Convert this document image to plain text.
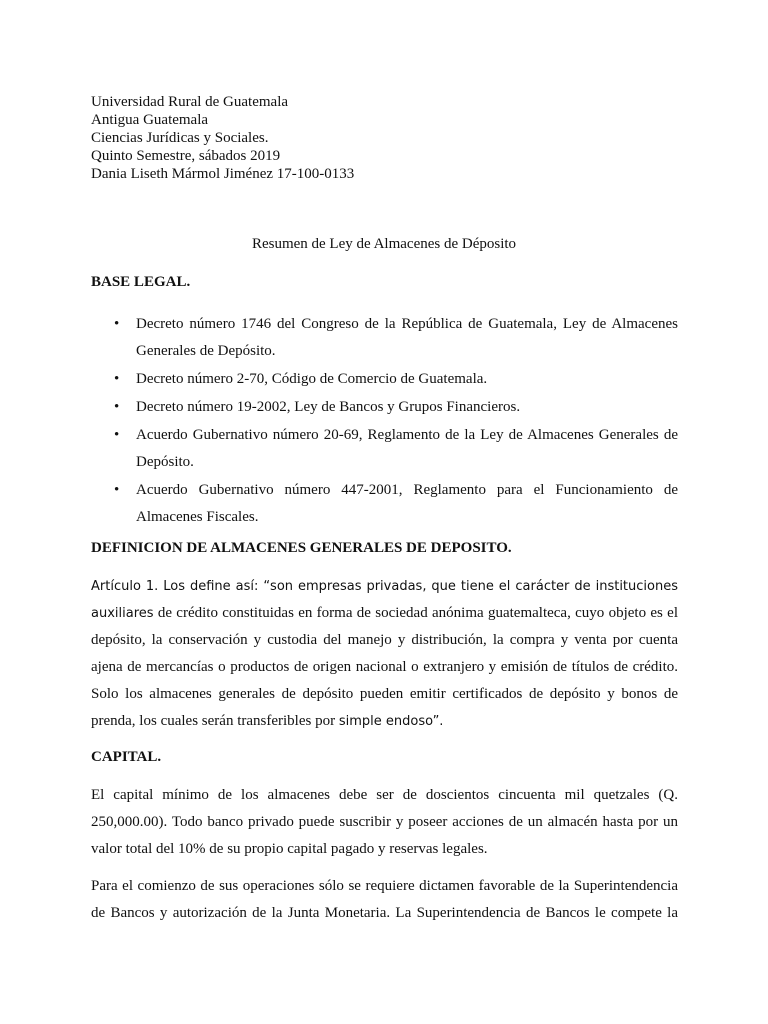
Universidad Rural de Guatemala
Antigua Guatemala
Ciencias Jurídicas y Sociales.
Quinto Semestre, sábados 2019
Dania Liseth Mármol Jiménez 17-100-0133
Resumen de Ley de Almacenes de Déposito
BASE LEGAL.
• Decreto número 1746 del Congreso de la República de Guatemala, Ley de Almacenes Generales de Depósito.
• Decreto número 2-70, Código de Comercio de Guatemala.
• Decreto número 19-2002, Ley de Bancos y Grupos Financieros.
• Acuerdo Gubernativo número 20-69, Reglamento de la Ley de Almacenes Generales de Depósito.
• Acuerdo Gubernativo número 447-2001, Reglamento para el Funcionamiento de Almacenes Fiscales.
DEFINICION DE ALMACENES GENERALES DE DEPOSITO.

Artículo 1. Los define así: “son empresas privadas, que tiene el carácter de instituciones auxiliares de crédito constituidas en forma de sociedad anónima guatemalteca, cuyo objeto es el depósito, la conservación y custodia del manejo y distribución, la compra y venta por cuenta ajena de mercancías o productos de origen nacional o extranjero y emisión de títulos de crédito. Solo los almacenes generales de depósito pueden emitir certificados de depósito y bonos de prenda, los cuales serán transferibles por simple endoso”.

CAPITAL.

El capital mínimo de los almacenes debe ser de doscientos cincuenta mil quetzales (Q. 250,000.00). Todo banco privado puede suscribir y poseer acciones de un almacén hasta por un valor total del 10% de su propio capital pagado y reservas legales.

Para el comienzo de sus operaciones sólo se requiere dictamen favorable de la Superintendencia de Bancos y autorización de la Junta Monetaria. La Superintendencia de Bancos le compete la
